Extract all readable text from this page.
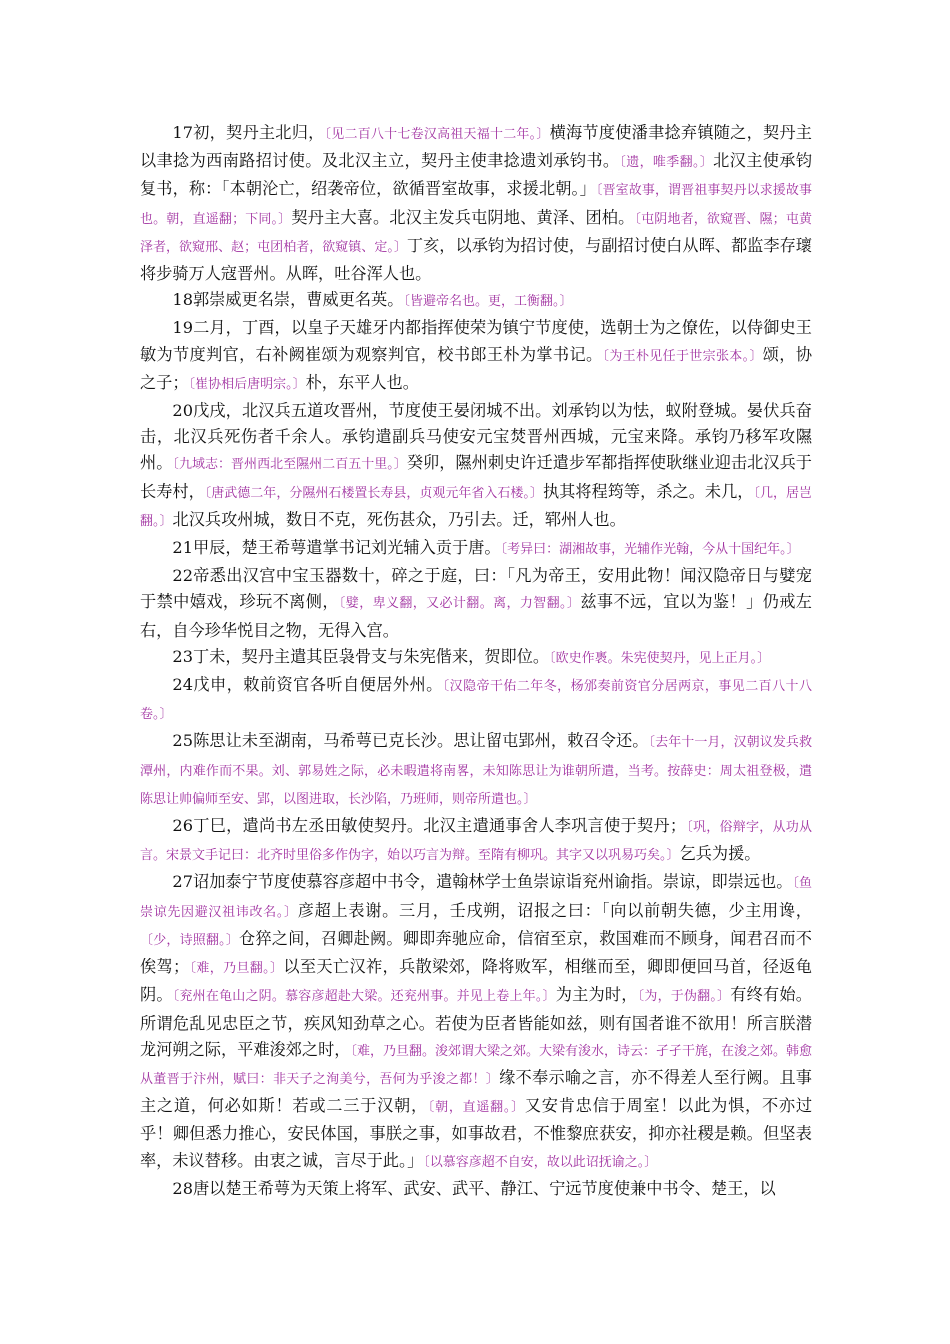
17初，契丹主北归，〔见二百八十七卷汉高祖天福十二年。〕横海节度使潘聿捻弃镇随之，契丹主以聿捻为西南路招讨使。及北汉主立，契丹主使聿捻遗刘承钧书。〔遗，唯季翻。〕北汉主使承钧复书，称：「本朝沦亡，绍袭帝位，欲循晋室故事，求援北朝。」〔晋室故事，谓晋祖事契丹以求援故事也。朝，直遥翻；下同。〕契丹主大喜。北汉主发兵屯阴地、黄泽、团柏。〔屯阴地者，欲窥晋、隰；屯黄泽者，欲窥邢、赵；屯团柏者，欲窥镇、定。〕丁亥，以承钧为招讨使，与副招讨使白从晖、都监李存瓌将步骑万人寇晋州。从晖，吐谷浑人也。

18郭崇威更名崇，曹威更名英。〔皆避帝名也。更，工衡翻。〕

19二月，丁酉，以皇子天雄牙内都指挥使荣为镇宁节度使，选朝士为之僚佐，以侍御史王敏为节度判官，右补阙崔颂为观察判官，校书郎王朴为掌书记。〔为王朴见任于世宗张本。〕颂，协之子；〔崔协相后唐明宗。〕朴，东平人也。

20戊戌，北汉兵五道攻晋州，节度使王晏闭城不出。刘承钧以为怯，蚁附登城。晏伏兵奋击，北汉兵死伤者千余人。承钧遣副兵马使安元宝焚晋州西城，元宝来降。承钧乃移军攻隰州。〔九域志：晋州西北至隰州二百五十里。〕癸卯，隰州刺史许迁遣步军都指挥使耿继业迎击北汉兵于长寿村，〔唐武德二年，分隰州石楼置长寿县，贞观元年省入石楼。〕执其将程筠等，杀之。未几，〔几，居岂翻。〕北汉兵攻州城，数日不克，死伤甚众，乃引去。迁，郓州人也。

21甲辰，楚王希萼遣掌书记刘光辅入贡于唐。〔考异曰：湖湘故事，光辅作光翰，今从十国纪年。〕

22帝悉出汉宫中宝玉器数十，碎之于庭，曰：「凡为帝王，安用此物！闻汉隐帝日与嬖宠于禁中嬉戏，珍玩不离侧，〔嬖，卑义翻，又必计翻。离，力智翻。〕兹事不远，宜以为鉴！」仍戒左右，自今珍华悦目之物，无得入宫。

23丁未，契丹主遣其臣袅骨支与朱宪偕来，贺即位。〔欧史作褭。朱宪使契丹，见上正月。〕

24戊申，敕前资官各听自便居外州。〔汉隐帝干佑二年冬，杨邠奏前资官分居两京，事见二百八十八卷。〕

25陈思让未至湖南，马希萼已克长沙。思让留屯郢州，敕召令还。〔去年十一月，汉朝议发兵救潭州，内难作而不果。刘、郭易姓之际，必未暇遣将南畧，未知陈思让为谁朝所遣，当考。按薛史：周太祖登极，遣陈思让帅偏师至安、郢，以图进取，长沙陷，乃班师，则帝所遣也。〕

26丁巳，遣尚书左丞田敏使契丹。北汉主遣通事舍人李巩言使于契丹；〔巩，俗辩字，从功从言。宋景文手记曰：北齐时里俗多作伪字，始以巧言为辩。至隋有柳巩。其字又以巩易巧矣。〕乞兵为援。

27诏加泰宁节度使慕容彦超中书令，遣翰林学士鱼崇谅诣兖州谕指。崇谅，即崇远也。〔鱼崇谅先因避汉祖讳改名。〕彦超上表谢。三月，壬戌朔，诏报之曰：「向以前朝失德，少主用谗，〔少，诗照翻。〕仓猝之间，召卿赴阙。卿即奔驰应命，信宿至京，救国难而不顾身，闻君召而不俟驾；〔难，乃旦翻。〕以至天亡汉祚，兵散梁郊，降将败军，相继而至，卿即便回马首，径返龟阴。〔兖州在龟山之阴。慕容彦超赴大梁。还兖州事。并见上卷上年。〕为主为时，〔为，于伪翻。〕有终有始。所谓危乱见忠臣之节，疾风知劲草之心。若使为臣者皆能如兹，则有国者谁不欲用！所言朕潜龙河朔之际，平难浚郊之时，〔难，乃旦翻。浚郊谓大梁之郊。大梁有浚水，诗云：孑孑干旄，在浚之郊。韩愈从董晋于汴州，赋曰：非天子之洵美兮，吾何为乎浚之都！〕缘不奉示喻之言，亦不得差人至行阙。且事主之道，何必如斯！若或二三于汉朝，〔朝，直遥翻。〕又安肯忠信于周室！以此为惧，不亦过乎！卿但悉力推心，安民体国，事朕之事，如事故君，不惟黎庶获安，抑亦社稷是赖。但坚表率，未议替移。由衷之诚，言尽于此。」〔以慕容彦超不自安，故以此诏抚谕之。〕

28唐以楚王希萼为天策上将军、武安、武平、静江、宁远节度使兼中书令、楚王，以
